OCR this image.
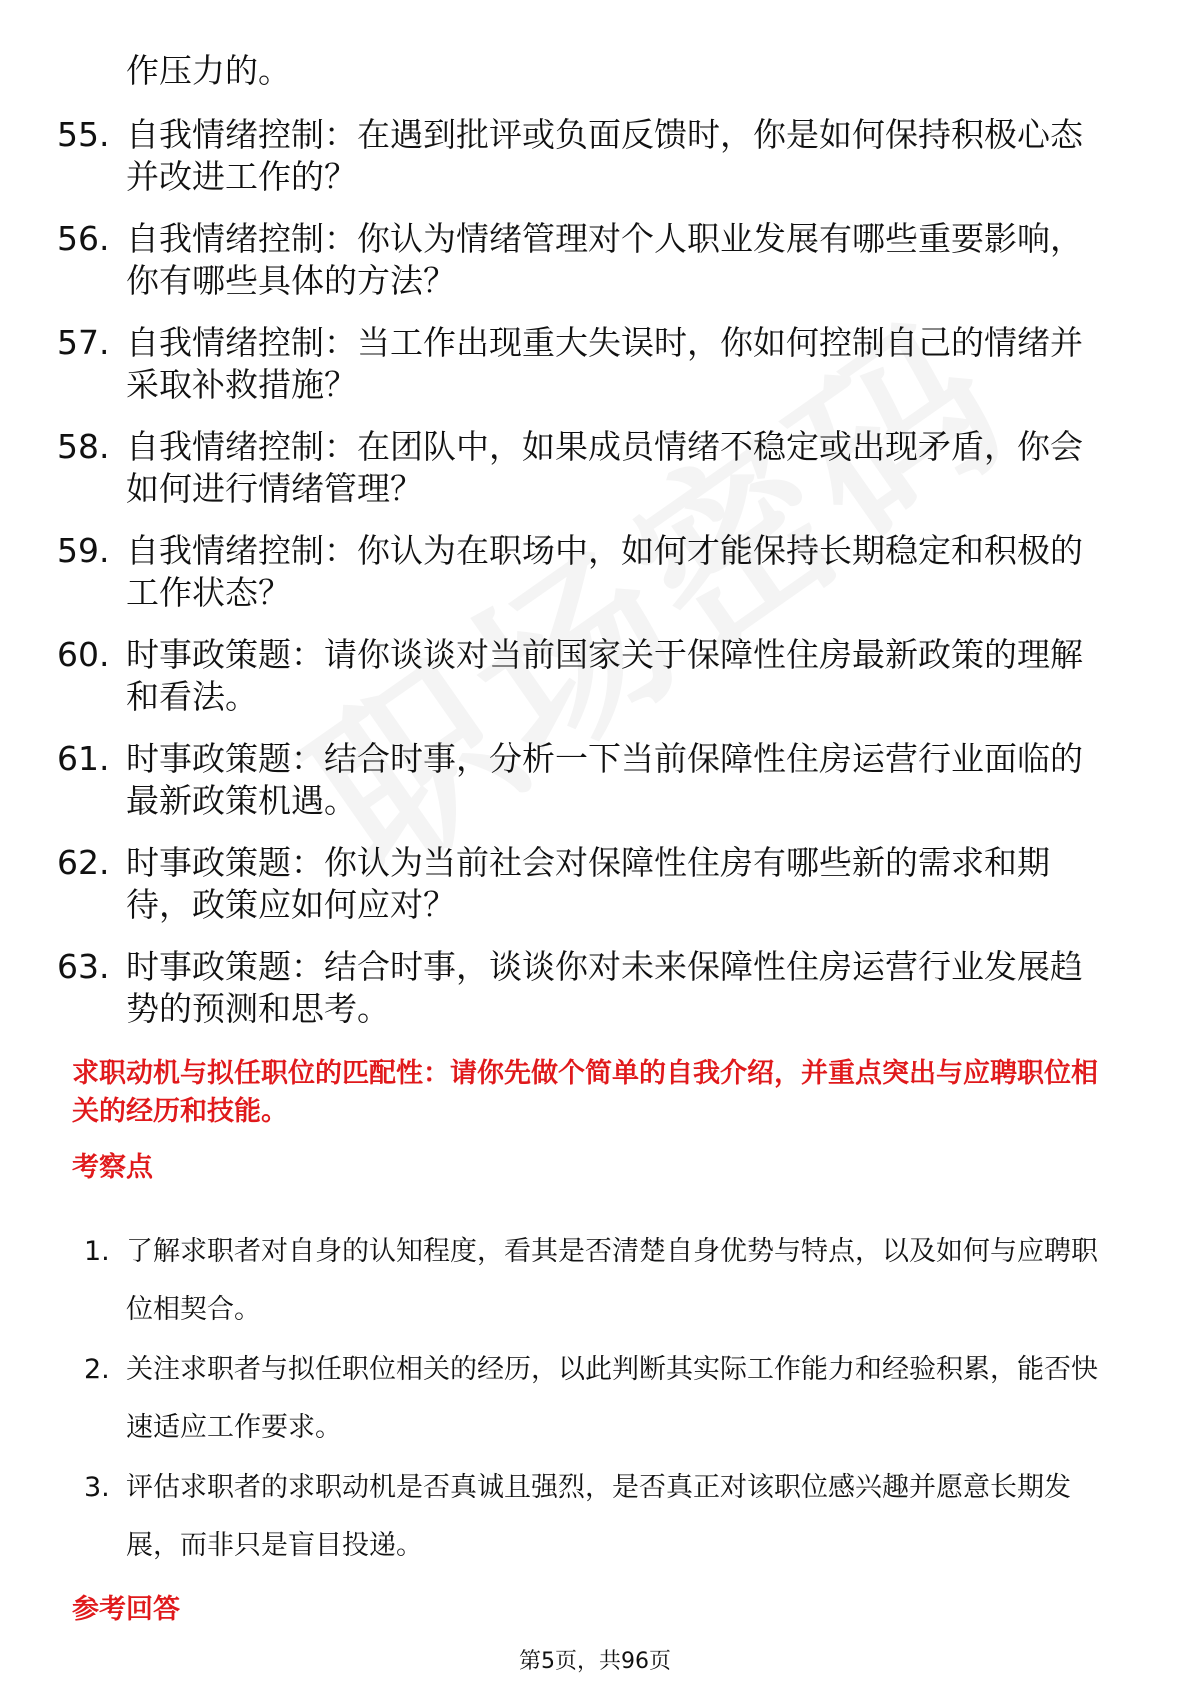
作压力的。
55. 自我情绪控制：在遇到批评或负面反馈时，你是如何保持积极心态并改进工作的？
56. 自我情绪控制：你认为情绪管理对个人职业发展有哪些重要影响，你有哪些具体的方法？
57. 自我情绪控制：当工作出现重大失误时，你如何控制自己的情绪并采取补救措施？
58. 自我情绪控制：在团队中，如果成员情绪不稳定或出现矛盾，你会如何进行情绪管理？
59. 自我情绪控制：你认为在职场中，如何才能保持长期稳定和积极的工作状态？
60. 时事政策题：请你谈谈对当前国家关于保障性住房最新政策的理解和看法。
61. 时事政策题：结合时事，分析一下当前保障性住房运营行业面临的最新政策机遇。
62. 时事政策题：你认为当前社会对保障性住房有哪些新的需求和期待，政策应如何应对？
63. 时事政策题：结合时事，谈谈你对未来保障性住房运营行业发展趋势的预测和思考。
求职动机与拟任职位的匹配性：请你先做个简单的自我介绍，并重点突出与应聘职位相关的经历和技能。
考察点
1. 了解求职者对自身的认知程度，看其是否清楚自身优势与特点，以及如何与应聘职位相契合。
2. 关注求职者与拟任职位相关的经历，以此判断其实际工作能力和经验积累，能否快速适应工作要求。
3. 评估求职者的求职动机是否真诚且强烈，是否真正对该职位感兴趣并愿意长期发展，而非只是盲目投递。
参考回答
第5页，共96页
